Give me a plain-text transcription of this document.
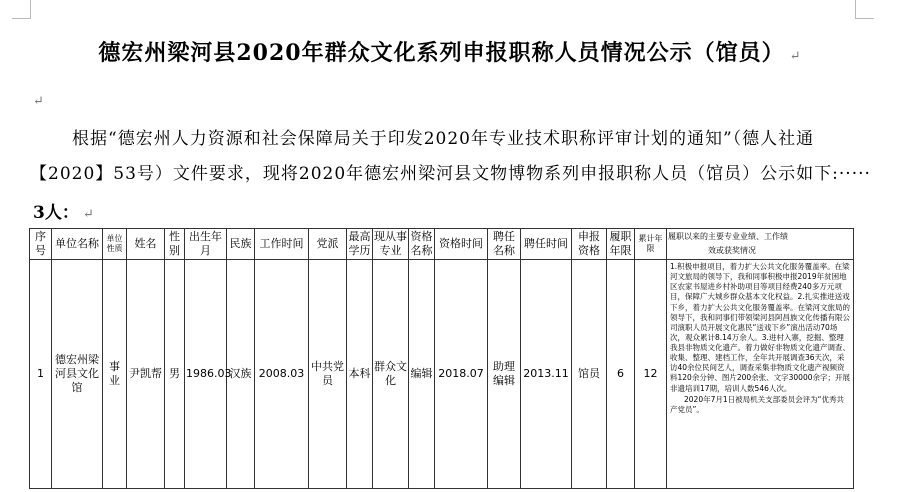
德宏州梁河县2020年群众文化系列申报职称人员情况公示（馆员） ↵
↵
根据“德宏州人力资源和社会保障局关于印发2020年专业技术职称评审计划的通知”（德人社通
【2020】53号）文件要求，现将2020年德宏州梁河县文物博物系列申报职称人员（馆员）公示如下:·····
3人： ↵
序号	单位名称	单位性质	姓名	性别	出生年月	民族	工作时间	党派	最高学历	现从事专业	资格名称	资格时间	聘任名称	聘任时间	申报资格	履职年限	累计年限	履职以来的主要专业业绩、工作绩
效或获奖情况

1	德宏州梁河县文化馆	事业	尹凯帮	男	1986.03	汉族	2008.03	中共党员	本科	群众文化	编辑	2018.07	助理编辑	2013.11	馆员	6	12	1.积极申报项目，着力扩大公共文化服务覆盖率。在梁河文旅局的领导下，我和同事积极申报2019年贫困地区农家书屋进乡村补助项目等项目经费240多万元项目，保障广大城乡群众基本文化权益。2.扎实推进送戏下乡，着力扩大公共文化服务覆盖率。在梁河文旅局的领导下，我和同事们带领梁河县阿昌族文化传播有限公司演职人员开展文化惠民“送戏下乡”演出活动70场次，观众累计8.14万余人。3.进村入寨，挖掘、整理我县非物质文化遗产。着力做好非物质文化遗产调查、收集、整理、建档工作，全年共开展调查36天次，采访40余位民间艺人，调查采集非物质文化遗产视频资料120余分钟、图片200余张、文字30000余字；开展非遗培训17期，培训人数546人次。
2020年7月1日被局机关支部委员会评为“优秀共产党员”。
